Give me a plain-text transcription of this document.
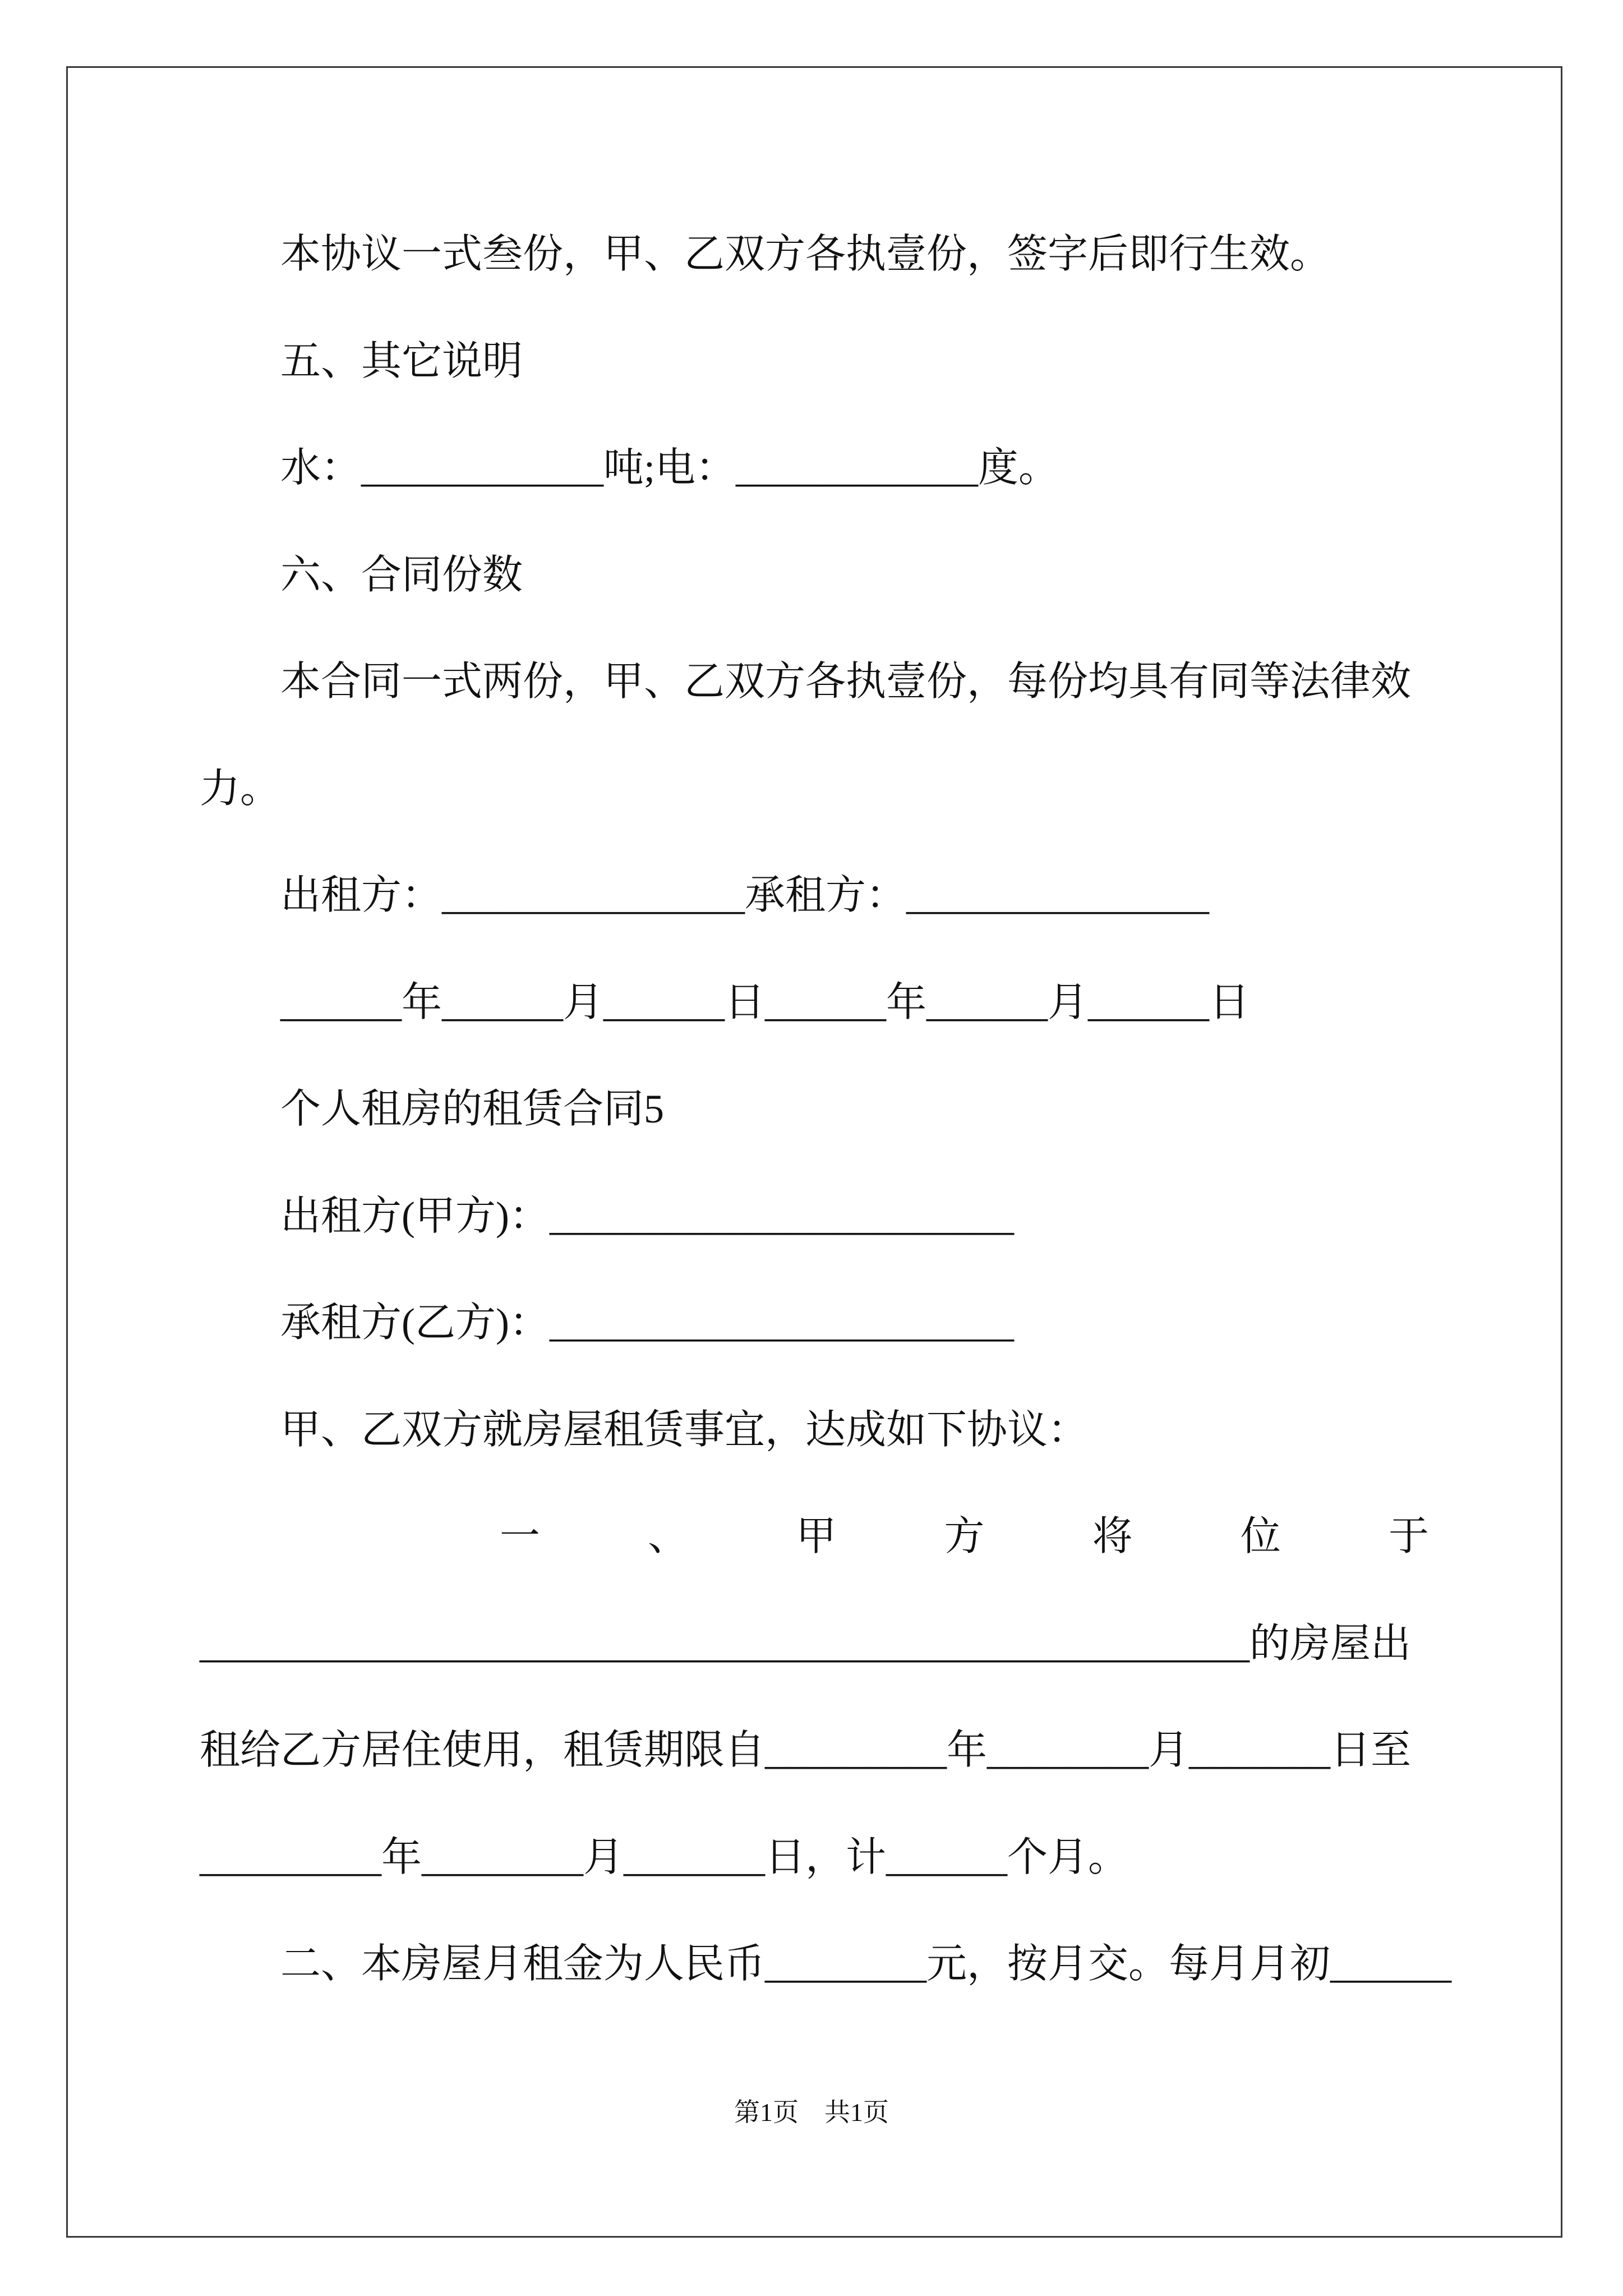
本协议一式叁份，甲、乙双方各执壹份，签字后即行生效。
五、其它说明
水：____________吨;电：____________度。
六、合同份数
本合同一式两份，甲、乙双方各执壹份，每份均具有同等法律效
力。
出租方：_______________承租方：_______________
______年______月______日______年______月______日
个人租房的租赁合同5
出租方(甲方)：_______________________
承租方(乙方)：_______________________
甲、乙双方就房屋租赁事宜，达成如下协议：
一、甲方将位于
____________________________________________________的房屋出
租给乙方居住使用，租赁期限自_________年________月_______日至
_________年________月_______日，计______个月。
二、本房屋月租金为人民币________元，按月交。每月月初______
第1页　共1页
